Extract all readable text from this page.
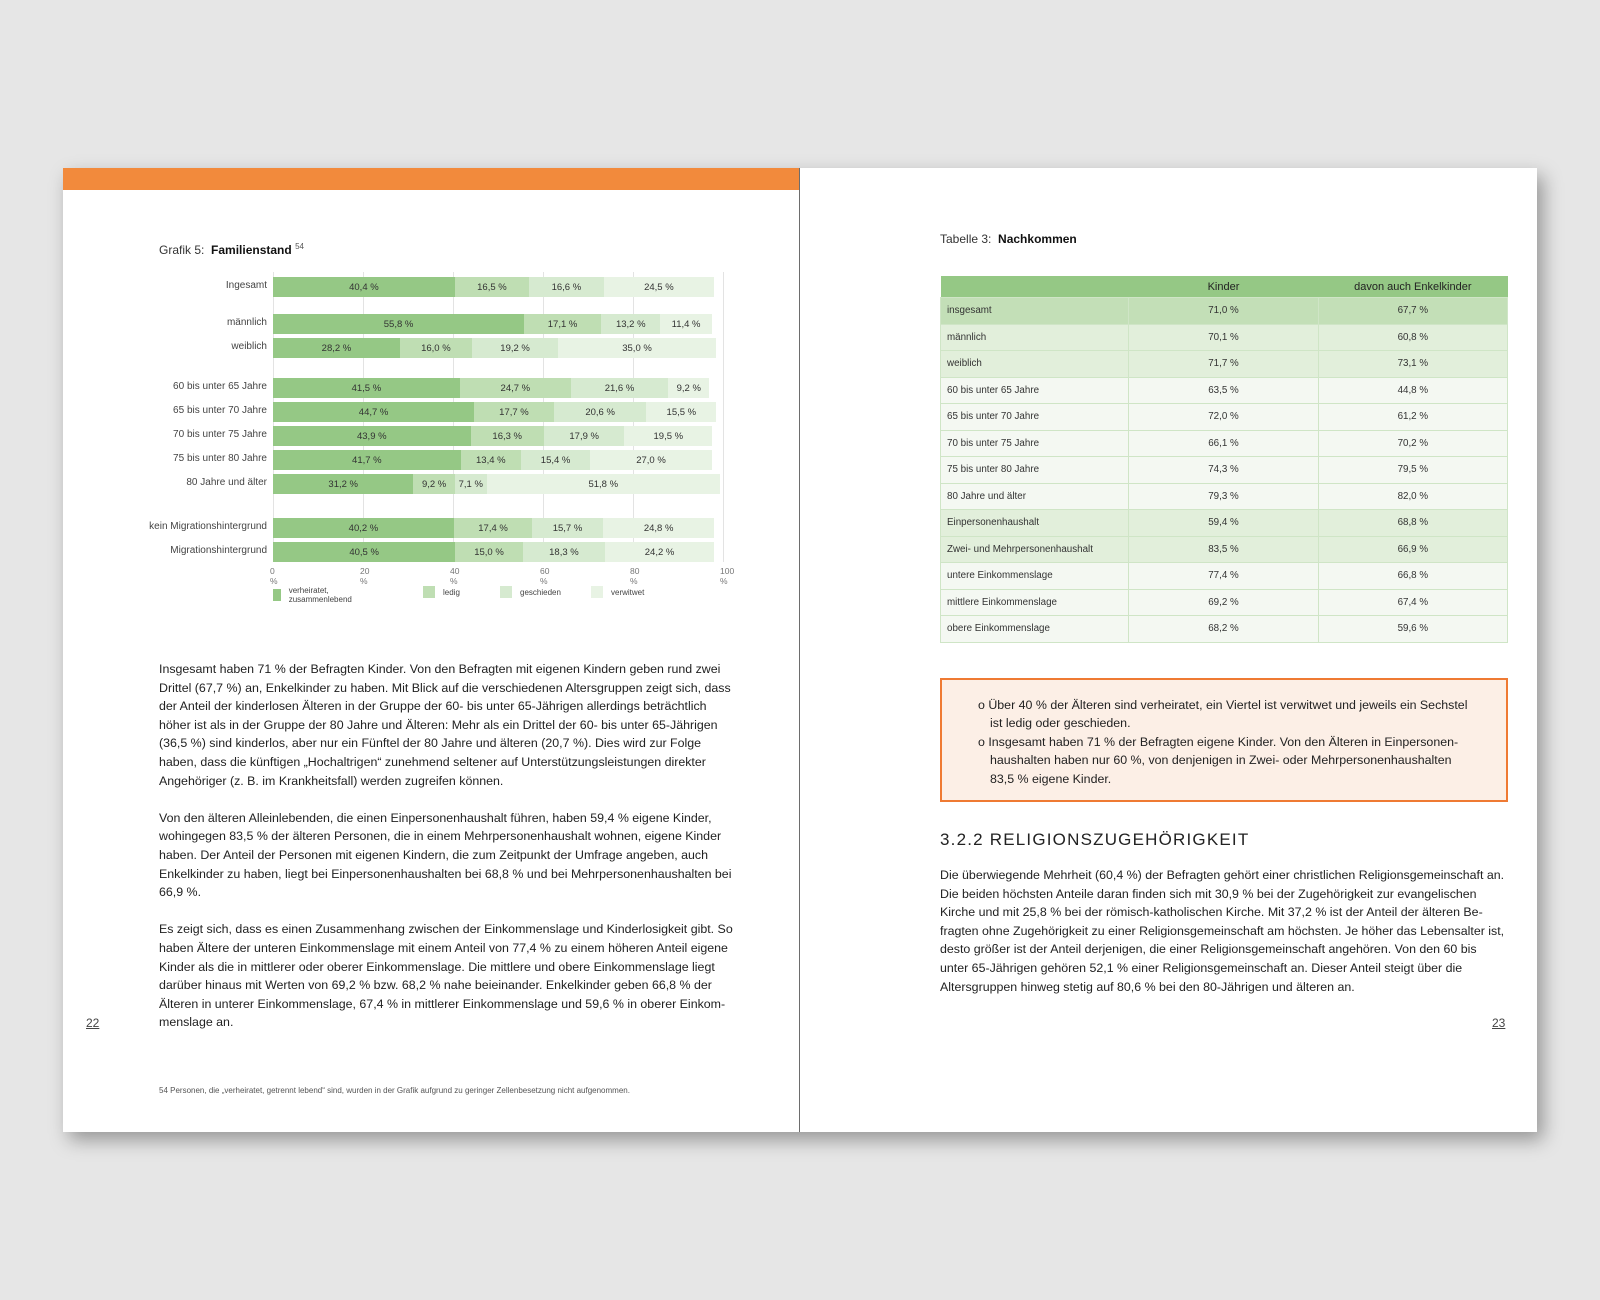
Grafik 5: Familienstand $^{54}$
0 %
20 %
40 %
60 %
80 %
100 %
Ingesamt	40,4 %	16,5 %	16,6 %	24,5 %
männlich	55,8 %	17,1 %	13,2 %	11,4 %
weiblich	28,2 %	16,0 %	19,2 %	35,0 %
60 bis unter 65 Jahre	41,5 %	24,7 %	21,6 %	9,2 %
65 bis unter 70 Jahre	44,7 %	17,7 %	20,6 %	15,5 %
70 bis unter 75 Jahre	43,9 %	16,3 %	17,9 %	19,5 %
75 bis unter 80 Jahre	41,7 %	13,4 %	15,4 %	27,0 %
80 Jahre und älter	31,2 %	9,2 %	7,1 %	51,8 %
kein Migrationshintergrund	40,2 %	17,4 %	15,7 %	24,8 %
Migrationshintergrund	40,5 %	15,0 %	18,3 %	24,2 %
verheiratet, zusammenlebend
ledig	geschieden	verwitwet

Insgesamt haben 71 % der Befragten Kinder. Von den Befragten mit eigenen Kindern geben rund zwei Drittel (67,7 %) an, Enkelkinder zu haben. Mit Blick auf die verschiedenen Altersgruppen zeigt sich, dass der Anteil der kinderlosen Älteren in der Gruppe der 60- bis unter 65-Jährigen allerdings beträchtlich höher ist als in der Gruppe der 80 Jahre und Älteren: Mehr als ein Drittel der 60- bis unter 65-Jährigen (36,5 %) sind kinderlos, aber nur ein Fünftel der 80 Jahre und älteren (20,7 %). Dies wird zur Folge haben, dass die künftigen „Hochaltrigen“ zunehmend seltener auf Unterstützungsleistungen direkter Angehöriger (z. B. im Krankheitsfall) werden zugreifen können.

Von den älteren Alleinlebenden, die einen Einpersonenhaushalt führen, haben 59,4 % eigene Kinder, wohingegen 83,5 % der älteren Personen, die in einem Mehrpersonenhaushalt wohnen, eigene Kinder haben. Der Anteil der Personen mit eigenen Kindern, die zum Zeitpunkt der Umfrage angeben, auch Enkelkinder zu haben, liegt bei Einpersonenhaushalten bei 68,8 % und bei Mehrpersonenhaushalten bei 66,9 %.

Es zeigt sich, dass es einen Zusammenhang zwischen der Einkommenslage und Kinderlosigkeit gibt. So haben Ältere der unteren Einkommenslage mit einem Anteil von 77,4 % zu einem höheren Anteil eigene Kinder als die in mittlerer oder oberer Einkommenslage. Die mittlere und obere Einkommenslage liegt darüber hinaus mit Werten von 69,2 % bzw. 68,2 % nahe beieinander. Enkelkinder geben 66,8 % der Älteren in unterer Einkommenslage, 67,4 % in mittlerer Einkommenslage und 59,6 % in oberer Einkommenslage an.

22
54 Personen, die „verheiratet, getrennt lebend“ sind, wurden in der Grafik aufgrund zu geringer Zellenbesetzung nicht aufgenommen.
Tabelle 3: Nachkommen
	Kinder	davon auch Enkelkinder
insgesamt	71,0 %	67,7 %
männlich	70,1 %	60,8 %
weiblich	71,7 %	73,1 %
60 bis unter 65 Jahre	63,5 %	44,8 %
65 bis unter 70 Jahre	72,0 %	61,2 %
70 bis unter 75 Jahre	66,1 %	70,2 %
75 bis unter 80 Jahre	74,3 %	79,5 %
80 Jahre und älter	79,3 %	82,0 %
Einpersonenhaushalt	59,4 %	68,8 %
Zwei- und Mehrpersonenhaushalt	83,5 %	66,9 %
untere Einkommenslage	77,4 %	66,8 %
mittlere Einkommenslage	69,2 %	67,4 %
obere Einkommenslage	68,2 %	59,6 %
o Über 40 % der Älteren sind verheiratet, ein Viertel ist verwitwet und jeweils ein Sechstel ist ledig oder geschieden.
o Insgesamt haben 71 % der Befragten eigene Kinder. Von den Älteren in Einpersonenhaushalten haben nur 60 %, von denjenigen in Zwei- oder Mehrpersonenhaushalten 83,5 % eigene Kinder.
3.2.2 RELIGIONSZUGEHÖRIGKEIT

Die überwiegende Mehrheit (60,4 %) der Befragten gehört einer christlichen Religionsgemeinschaft an. Die beiden höchsten Anteile daran finden sich mit 30,9 % bei der Zugehörigkeit zur evangelischen Kirche und mit 25,8 % bei der römisch-katholischen Kirche. Mit 37,2 % ist der Anteil der älteren Befragten ohne Zugehörigkeit zu einer Religionsgemeinschaft am höchsten. Je höher das Lebensalter ist, desto größer ist der Anteil derjenigen, die einer Religionsgemeinschaft angehören. Von den 60 bis unter 65-Jährigen gehören 52,1 % einer Religionsgemeinschaft an. Dieser Anteil steigt über die Altersgruppen hinweg stetig auf 80,6 % bei den 80-Jährigen und älteren an.

23
